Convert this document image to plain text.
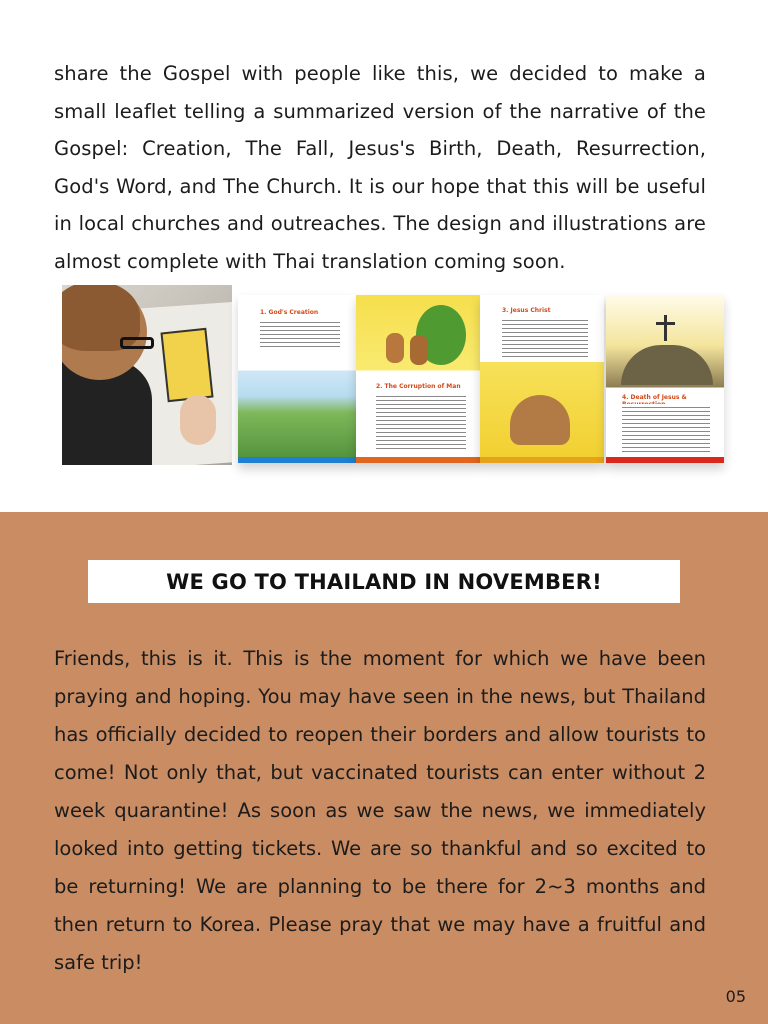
share the Gospel with people like this, we decided to make a small leaflet telling a summarized version of the narrative of the Gospel: Creation, The Fall, Jesus's Birth, Death, Resurrection, God's Word, and The Church. It is our hope that this will be useful in local churches and outreaches. The design and illustrations are almost complete with Thai translation coming soon.

1. God's Creation
2. The Corruption of Man
3. Jesus Christ
4. Death of Jesus &
WE GO TO THAILAND IN NOVEMBER!

Friends, this is it. This is the moment for which we have been praying and hoping. You may have seen in the news, but Thailand has officially decided to reopen their borders and allow tourists to come! Not only that, but vaccinated tourists can enter without 2 week quarantine! As soon as we saw the news, we immediately looked into getting tickets. We are so thankful and so excited to be returning! We are planning to be there for 2~3 months and then return to Korea. Please pray that we may have a fruitful and safe trip!

05
